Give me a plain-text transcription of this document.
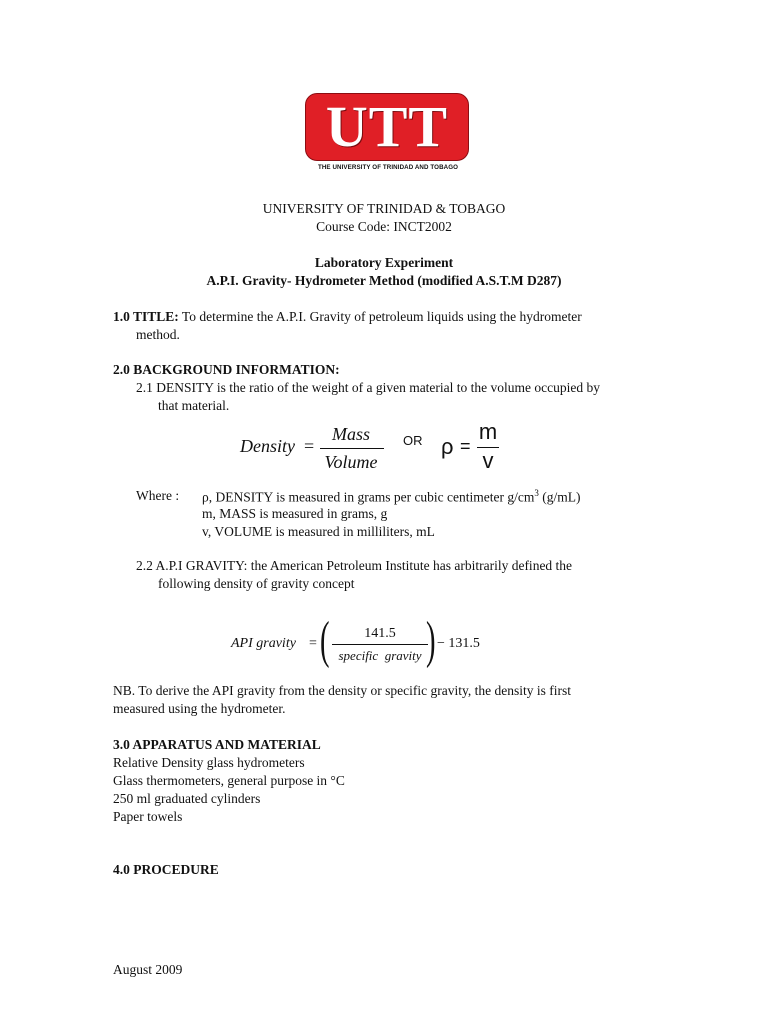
UTT
THE UNIVERSITY OF TRINIDAD AND TOBAGO
UNIVERSITY OF TRINIDAD & TOBAGO
Course Code: INCT2002
Laboratory Experiment
A.P.I. Gravity- Hydrometer Method (modified A.S.T.M D287)
1.0 TITLE: To determine the A.P.I. Gravity of petroleum liquids using the hydrometer
method.
2.0 BACKGROUND INFORMATION:
2.1 DENSITY is the ratio of the weight of a given material to the volume occupied by
that material.
Density =
Mass
Volume
OR ρ =
m
v
Where : ρ, DENSITY is measured in grams per cubic centimeter $g/cm^3$ (g/mL)
m, MASS is measured in grams, g
v, VOLUME is measured in milliliters, mL
2.2 A.P.I GRAVITY: the American Petroleum Institute has arbitrarily defined the
following density of gravity concept
API gravity = (	141.5
specific  gravity ) − 131.5
NB. To derive the API gravity from the density or specific gravity, the density is first
measured using the hydrometer.
3.0 APPARATUS AND MATERIAL
Relative Density glass hydrometers
Glass thermometers, general purpose in °C
250 ml graduated cylinders
Paper towels
4.0 PROCEDURE
August 2009
